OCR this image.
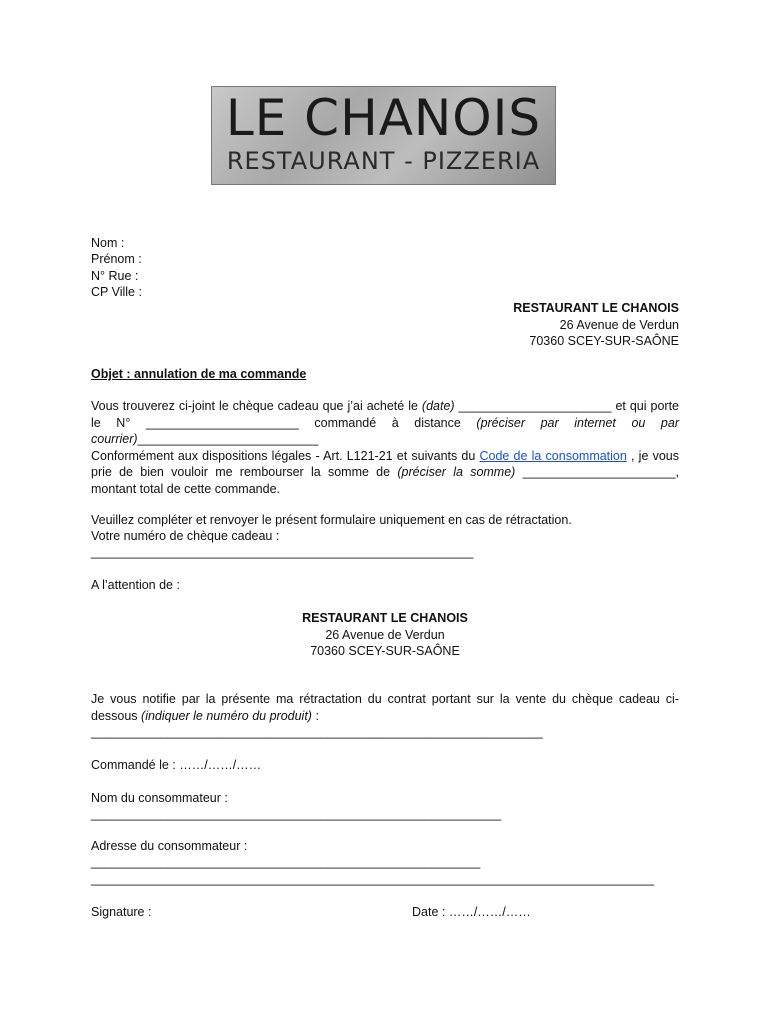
LE CHANOIS
RESTAURANT - PIZZERIA
Nom :
Prénom :
N° Rue :
CP Ville :
RESTAURANT LE CHANOIS
26 Avenue de Verdun
70360 SCEY-SUR-SAÔNE
Objet : annulation de ma commande
Vous trouverez ci-joint le chèque cadeau que j’ai acheté le (date) ______________________ et qui porte le N° ______________________ commandé à distance (préciser par internet ou par courrier)__________________________
Conformément aux dispositions légales - Art. L121-21 et suivants du Code de la consommation , je vous prie de bien vouloir me rembourser la somme de (préciser la somme) ______________________, montant total de cette commande.
Veuillez compléter et renvoyer le présent formulaire uniquement en cas de rétractation.
Votre numéro de chèque cadeau :
_______________________________________________________
A l’attention de :
RESTAURANT LE CHANOIS
26 Avenue de Verdun
70360 SCEY-SUR-SAÔNE
Je vous notifie par la présente ma rétractation du contrat portant sur la vente du chèque cadeau ci-dessous (indiquer le numéro du produit) :
_________________________________________________________________
Commandé le : ……/……/……
Nom du consommateur :
___________________________________________________________
Adresse du consommateur :
________________________________________________________
_________________________________________________________________________________
Signature :	Date : ……/……/……
